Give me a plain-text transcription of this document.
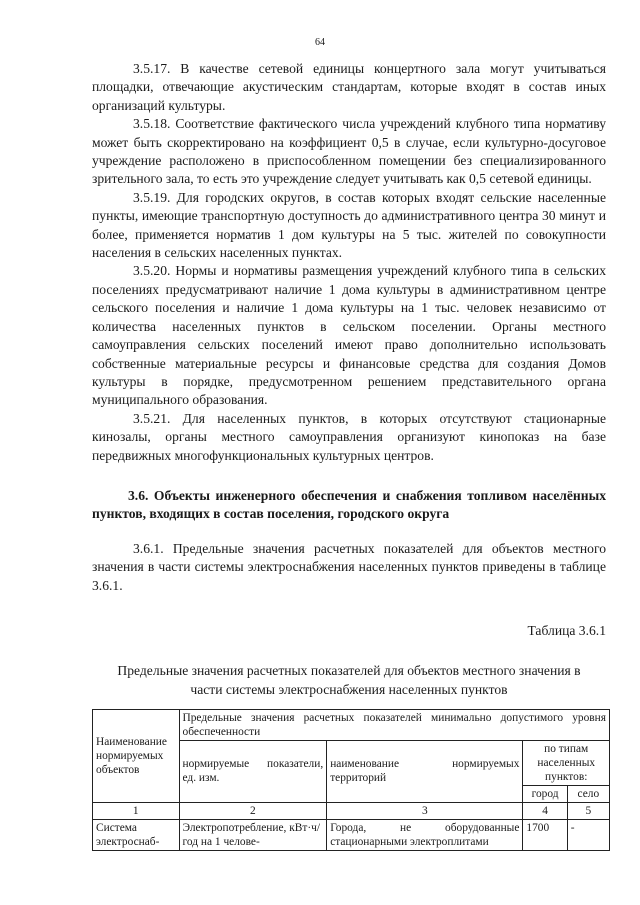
64

3.5.17. В качестве сетевой единицы концертного зала могут учитываться площадки, отвечающие акустическим стандартам, которые входят в состав иных организаций культуры.

3.5.18. Соответствие фактического числа учреждений клубного типа нормативу может быть скорректировано на коэффициент 0,5 в случае, если культурно-досуговое учреждение расположено в приспособленном помещении без специализированного зрительного зала, то есть это учреждение следует учитывать как 0,5 сетевой единицы.

3.5.19. Для городских округов, в состав которых входят сельские населенные пункты, имеющие транспортную доступность до административного центра 30 минут и более, применяется норматив 1 дом культуры на 5 тыс. жителей по совокупности населения в сельских населенных пунктах.

3.5.20. Нормы и нормативы размещения учреждений клубного типа в сельских поселениях предусматривают наличие 1 дома культуры в административном центре сельского поселения и наличие 1 дома культуры на 1 тыс. человек независимо от количества населенных пунктов в сельском поселении. Органы местного самоуправления сельских поселений имеют право дополнительно использовать собственные материальные ресурсы и финансовые средства для создания Домов культуры в порядке, предусмотренном решением представительного органа муниципального образования.

3.5.21. Для населенных пунктов, в которых отсутствуют стационарные кинозалы, органы местного самоуправления организуют кинопоказ на базе передвижных многофункциональных культурных центров.

3.6. Объекты инженерного обеспечения и снабжения топливом населённых пунктов, входящих в состав поселения, городского округа

3.6.1. Предельные значения расчетных показателей для объектов местного значения в части системы электроснабжения населенных пунктов приведены в таблице 3.6.1.

Таблица 3.6.1

Предельные значения расчетных показателей для объектов местного значения в части системы электроснабжения населенных пунктов

Наименование нормируемых объектов	Предельные значения расчетных показателей минимально допустимого уровня обеспеченности			
	нормируемые показатели, ед. изм.	наименование нормируемых территорий	по типам населенных пунктов:	
			город	село
1	2	3	4	5
Система электроснаб-	Электропотребление, кВт·ч/год на 1 челове-	Города, не оборудованные стационарными электроплитами	1700	-
